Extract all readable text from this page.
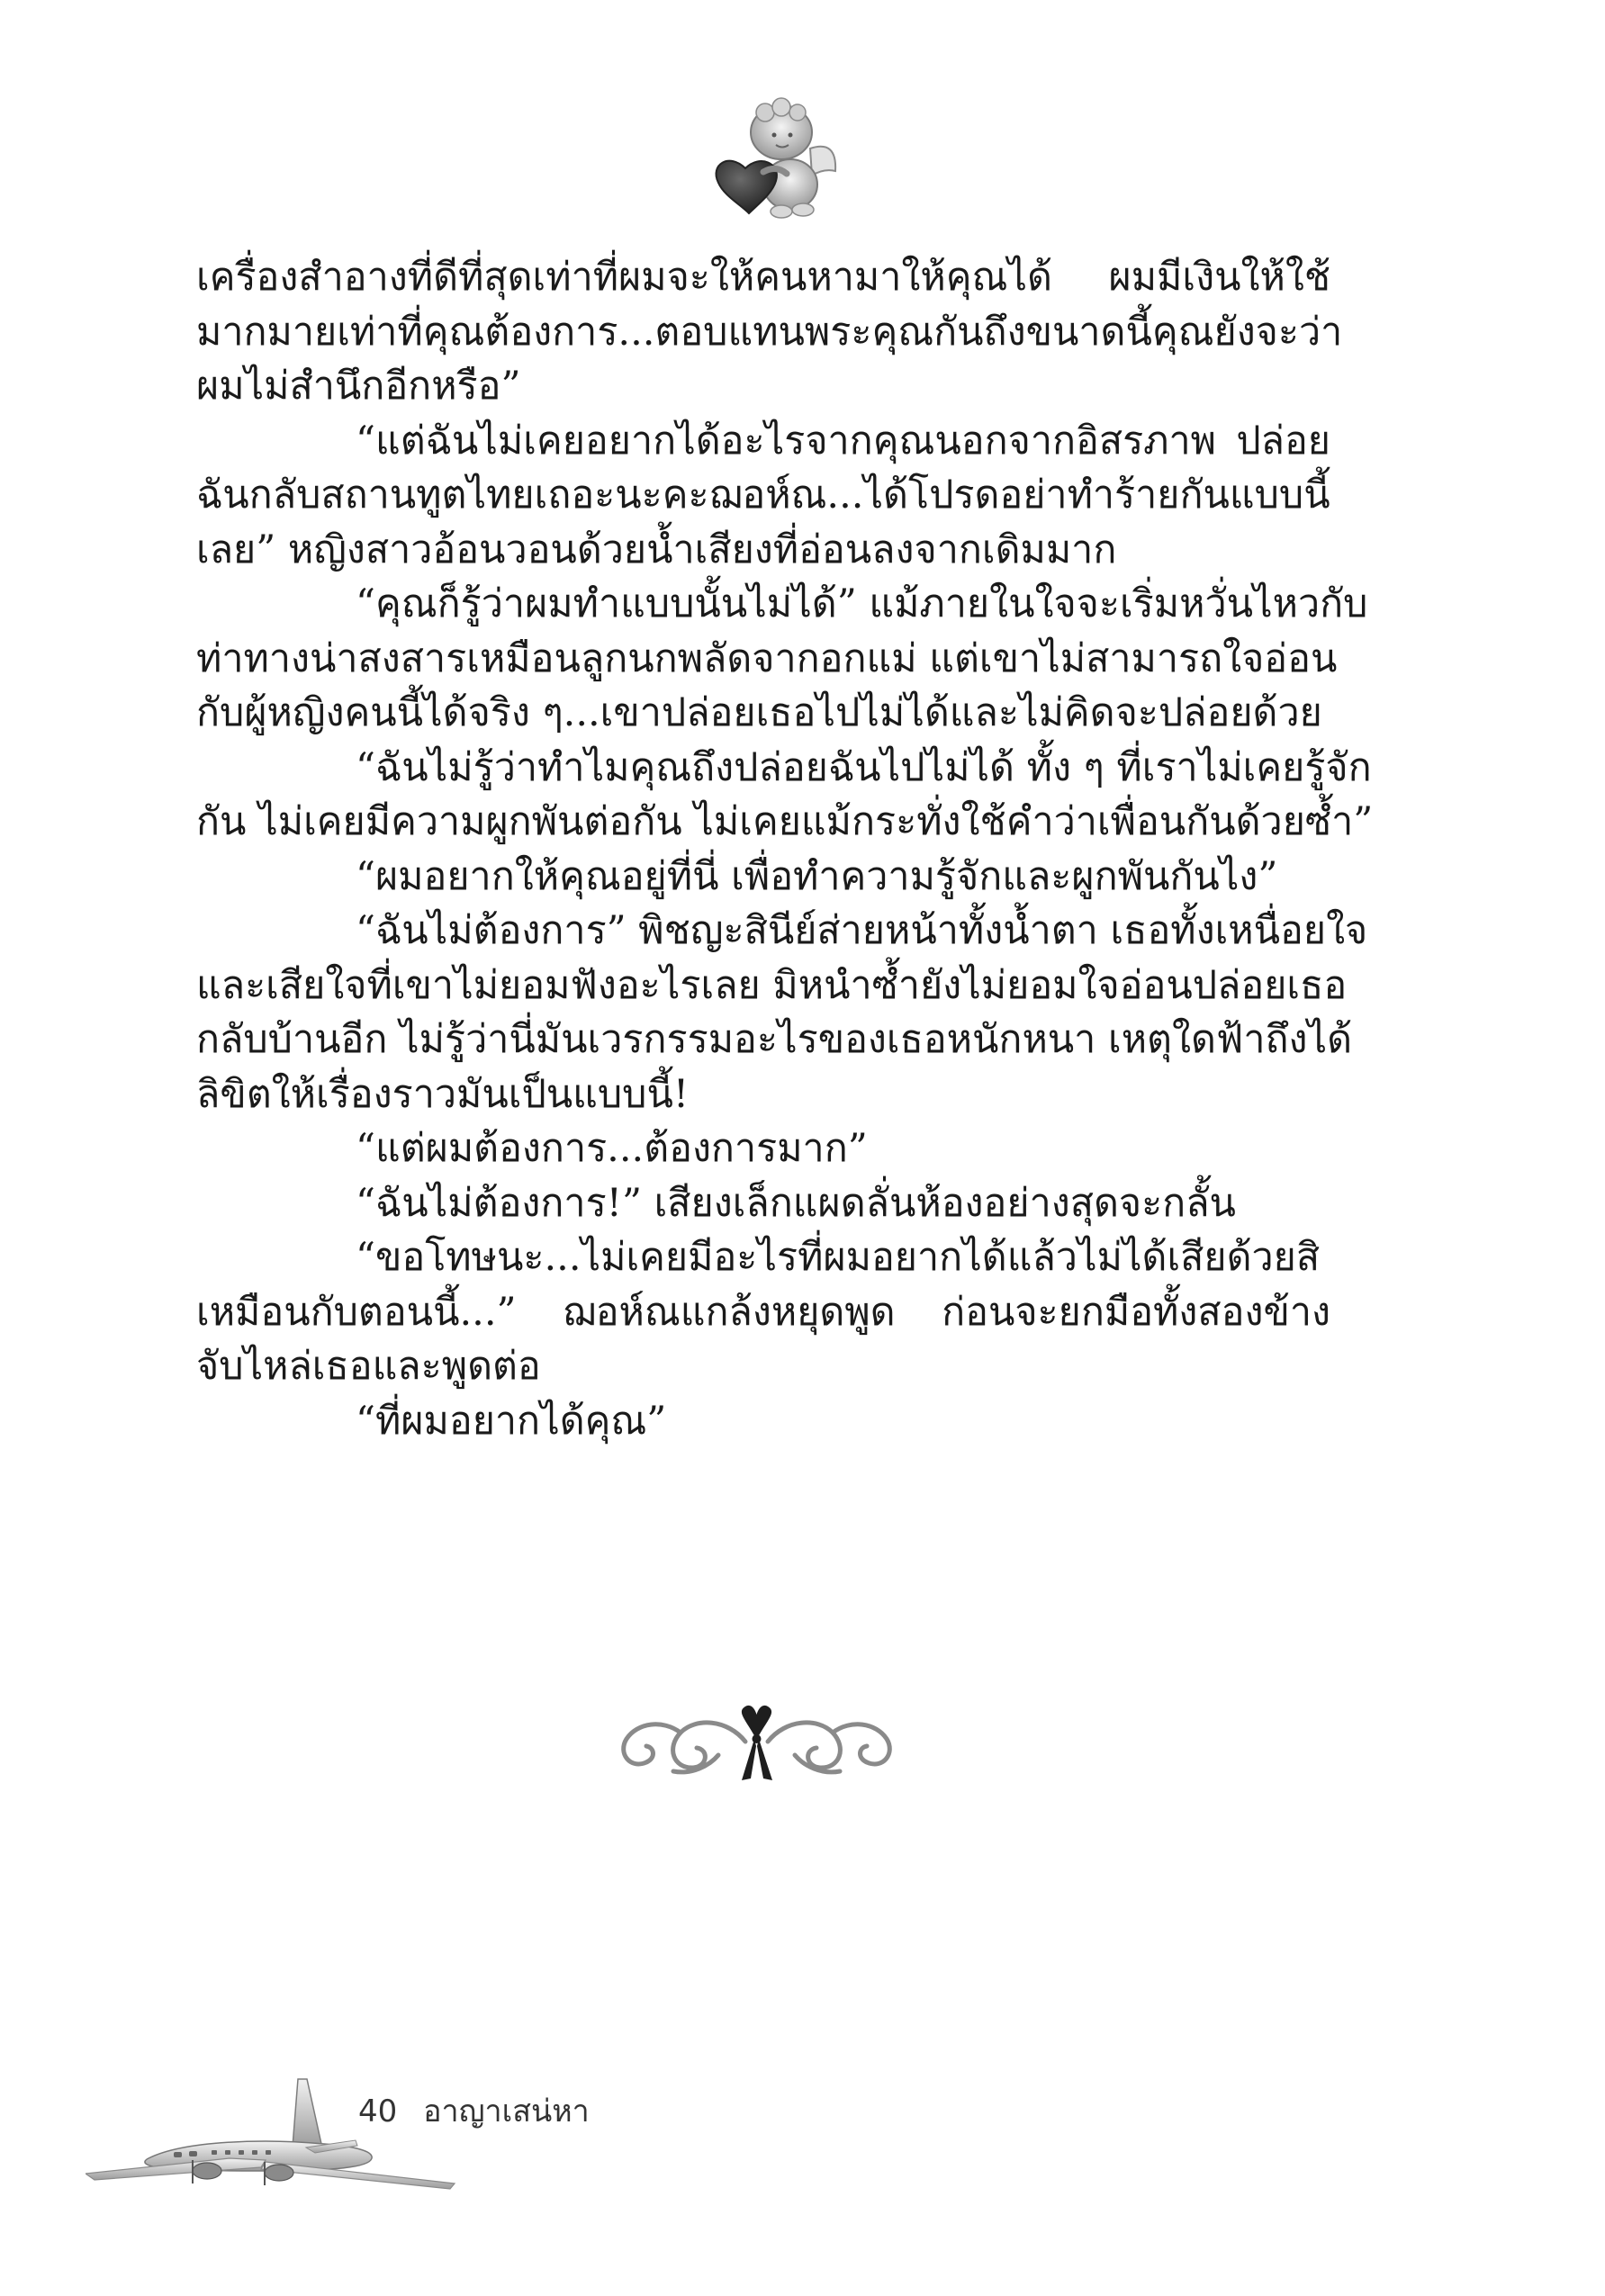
เครื่องสำอางที่ดีที่สุดเท่าที่ผมจะให้คนหามาให้คุณได้ ผมมีเงินให้ใช้
มากมายเท่าที่คุณต้องการ...ตอบแทนพระคุณกันถึงขนาดนี้คุณยังจะว่า
ผมไม่สำนึกอีกหรือ”
“แต่ฉันไม่เคยอยากได้อะไรจากคุณนอกจากอิสรภาพ ปล่อย
ฉันกลับสถานทูตไทยเถอะนะคะฌอห์ณ...ได้โปรดอย่าทำร้ายกันแบบนี้
เลย” หญิงสาวอ้อนวอนด้วยน้ำเสียงที่อ่อนลงจากเดิมมาก
“คุณก็รู้ว่าผมทำแบบนั้นไม่ได้” แม้ภายในใจจะเริ่มหวั่นไหวกับ
ท่าทางน่าสงสารเหมือนลูกนกพลัดจากอกแม่ แต่เขาไม่สามารถใจอ่อน
กับผู้หญิงคนนี้ได้จริง ๆ...เขาปล่อยเธอไปไม่ได้และไม่คิดจะปล่อยด้วย
“ฉันไม่รู้ว่าทำไมคุณถึงปล่อยฉันไปไม่ได้ ทั้ง ๆ ที่เราไม่เคยรู้จัก
กัน ไม่เคยมีความผูกพันต่อกัน ไม่เคยแม้กระทั่งใช้คำว่าเพื่อนกันด้วยซ้ำ”
“ผมอยากให้คุณอยู่ที่นี่ เพื่อทำความรู้จักและผูกพันกันไง”
“ฉันไม่ต้องการ” พิชญะสินีย์ส่ายหน้าทั้งน้ำตา เธอทั้งเหนื่อยใจ
และเสียใจที่เขาไม่ยอมฟังอะไรเลย มิหนำซ้ำยังไม่ยอมใจอ่อนปล่อยเธอ
กลับบ้านอีก ไม่รู้ว่านี่มันเวรกรรมอะไรของเธอหนักหนา เหตุใดฟ้าถึงได้
ลิขิตให้เรื่องราวมันเป็นแบบนี้!
“แต่ผมต้องการ...ต้องการมาก”
“ฉันไม่ต้องการ!” เสียงเล็กแผดลั่นห้องอย่างสุดจะกลั้น
“ขอโทษนะ...ไม่เคยมีอะไรที่ผมอยากได้แล้วไม่ได้เสียด้วยสิ
เหมือนกับตอนนี้...” ฌอห์ณแกล้งหยุดพูด ก่อนจะยกมือทั้งสองข้าง
จับไหล่เธอและพูดต่อ
“ที่ผมอยากได้คุณ”
40 อาญาเสน่หา
